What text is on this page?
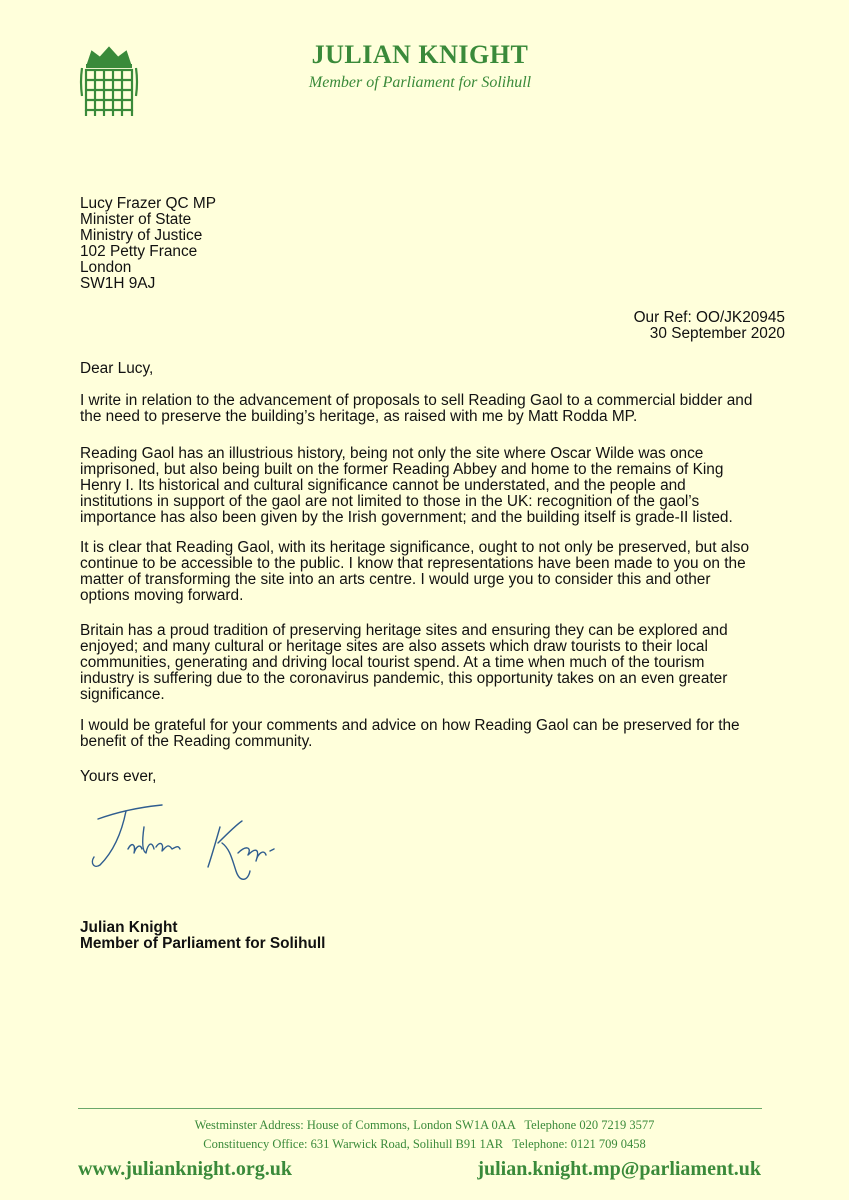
JULIAN KNIGHT
Member of Parliament for Solihull
Lucy Frazer QC MP
Minister of State
Ministry of Justice
102 Petty France
London
SW1H 9AJ
Our Ref: OO/JK20945
30 September 2020
Dear Lucy,
I write in relation to the advancement of proposals to sell Reading Gaol to a commercial bidder and
the need to preserve the building’s heritage, as raised with me by Matt Rodda MP.
Reading Gaol has an illustrious history, being not only the site where Oscar Wilde was once
imprisoned, but also being built on the former Reading Abbey and home to the remains of King
Henry I. Its historical and cultural significance cannot be understated, and the people and
institutions in support of the gaol are not limited to those in the UK: recognition of the gaol’s
importance has also been given by the Irish government; and the building itself is grade-II listed.
It is clear that Reading Gaol, with its heritage significance, ought to not only be preserved, but also
continue to be accessible to the public. I know that representations have been made to you on the
matter of transforming the site into an arts centre. I would urge you to consider this and other
options moving forward.
Britain has a proud tradition of preserving heritage sites and ensuring they can be explored and
enjoyed; and many cultural or heritage sites are also assets which draw tourists to their local
communities, generating and driving local tourist spend. At a time when much of the tourism
industry is suffering due to the coronavirus pandemic, this opportunity takes on an even greater
significance.
I would be grateful for your comments and advice on how Reading Gaol can be preserved for the
benefit of the Reading community.
Yours ever,
Julian Knight
Member of Parliament for Solihull
Westminster Address: House of Commons, London SW1A 0AA   Telephone 020 7219 3577
Constituency Office: 631 Warwick Road, Solihull B91 1AR   Telephone: 0121 709 0458
www.julianknight.org.uk	julian.knight.mp@parliament.uk
